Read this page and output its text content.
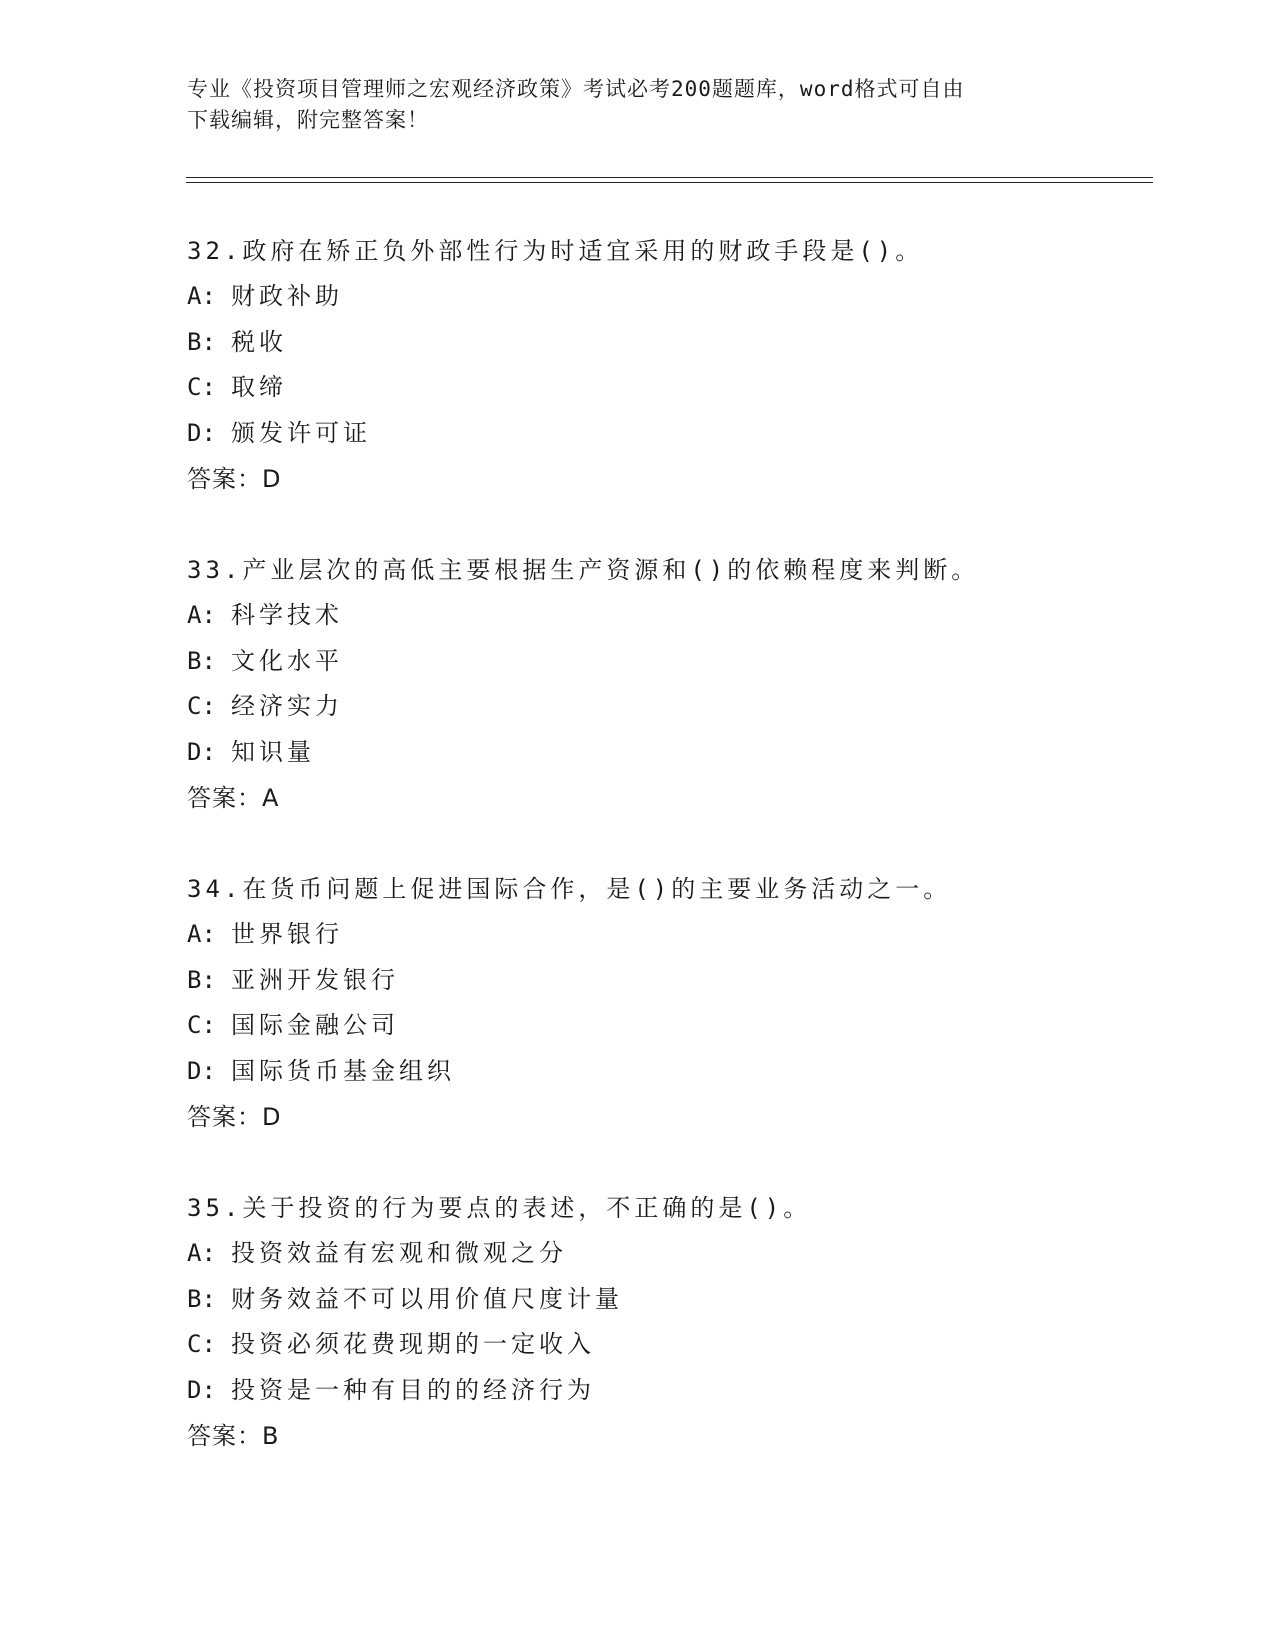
专业《投资项目管理师之宏观经济政策》考试必考200题题库，word格式可自由
下载编辑，附完整答案！
32.政府在矫正负外部性行为时适宜采用的财政手段是()。
A: 财政补助
B: 税收
C: 取缔
D: 颁发许可证
答案：D
33.产业层次的高低主要根据生产资源和()的依赖程度来判断。
A: 科学技术
B: 文化水平
C: 经济实力
D: 知识量
答案：A
34.在货币问题上促进国际合作，是()的主要业务活动之一。
A: 世界银行
B: 亚洲开发银行
C: 国际金融公司
D: 国际货币基金组织
答案：D
35.关于投资的行为要点的表述，不正确的是()。
A: 投资效益有宏观和微观之分
B: 财务效益不可以用价值尺度计量
C: 投资必须花费现期的一定收入
D: 投资是一种有目的的经济行为
答案：B
